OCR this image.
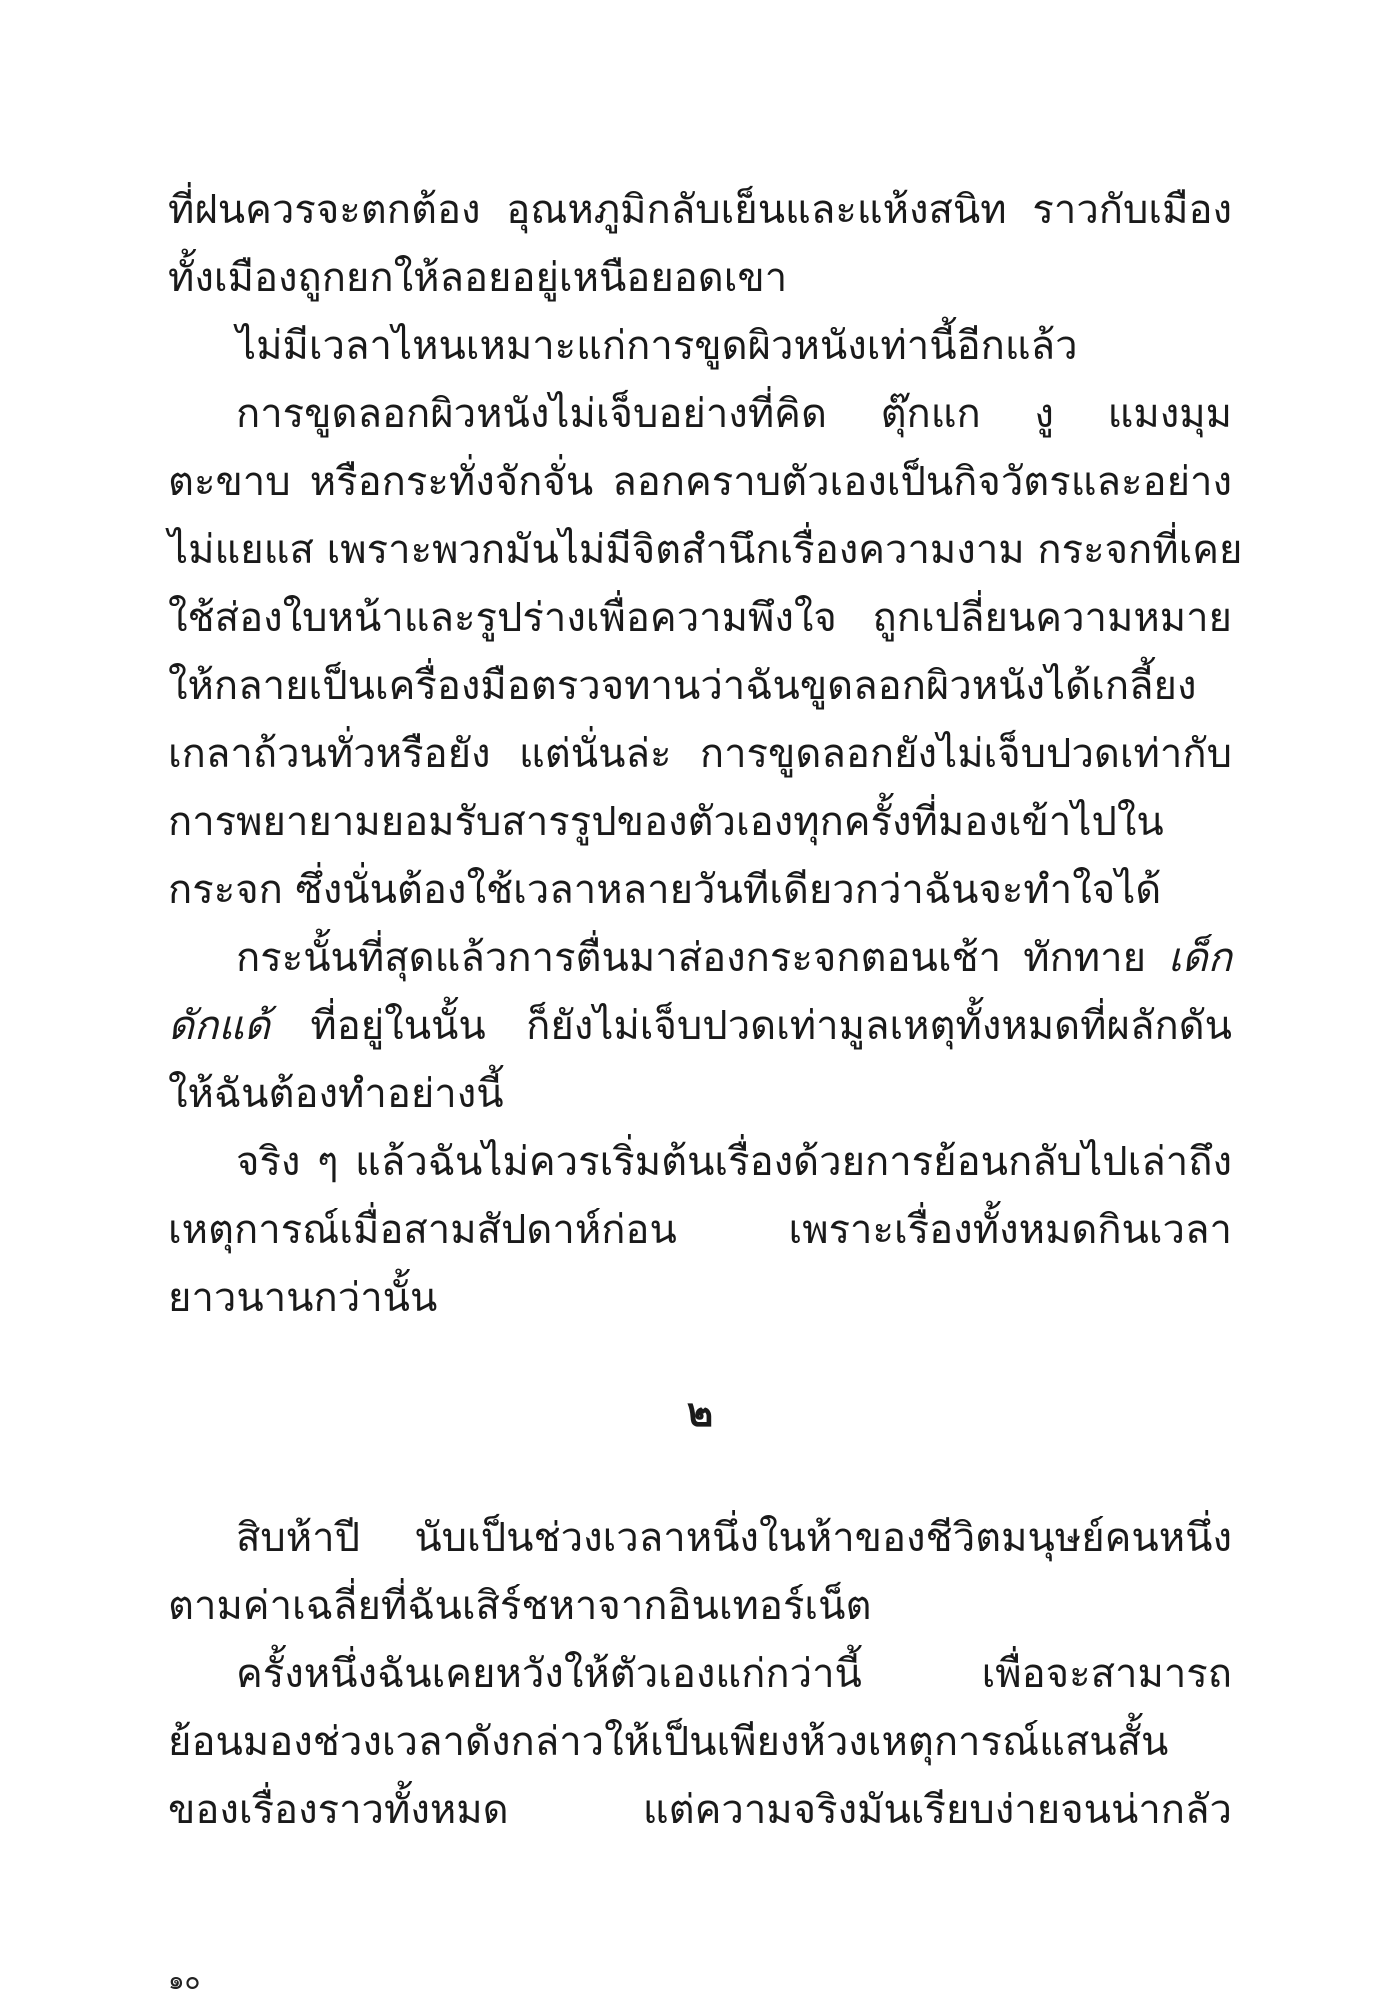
ที่ฝนควรจะตกต้อง อุณหภูมิกลับเย็นและแห้งสนิท ราวกับเมือง

ทั้งเมืองถูกยกให้ลอยอยู่เหนือยอดเขา

ไม่มีเวลาไหนเหมาะแก่การขูดผิวหนังเท่านี้อีกแล้ว

การขูดลอกผิวหนังไม่เจ็บอย่างที่คิด ตุ๊กแก งู แมงมุม

ตะขาบ หรือกระทั่งจักจั่น ลอกคราบตัวเองเป็นกิจวัตรและอย่าง

ไม่แยแส เพราะพวกมันไม่มีจิตสำนึกเรื่องความงาม กระจกที่เคย

ใช้ส่องใบหน้าและรูปร่างเพื่อความพึงใจ ถูกเปลี่ยนความหมาย

ให้กลายเป็นเครื่องมือตรวจทานว่าฉันขูดลอกผิวหนังได้เกลี้ยง

เกลาถ้วนทั่วหรือยัง แต่นั่นล่ะ การขูดลอกยังไม่เจ็บปวดเท่ากับ

การพยายามยอมรับสารรูปของตัวเองทุกครั้งที่มองเข้าไปใน

กระจก ซึ่งนั่นต้องใช้เวลาหลายวันทีเดียวกว่าฉันจะทำใจได้

กระนั้นที่สุดแล้วการตื่นมาส่องกระจกตอนเช้า ทักทาย เด็ก

ดักแด้ ที่อยู่ในนั้น ก็ยังไม่เจ็บปวดเท่ามูลเหตุทั้งหมดที่ผลักดัน

ให้ฉันต้องทำอย่างนี้

จริง ๆ แล้วฉันไม่ควรเริ่มต้นเรื่องด้วยการย้อนกลับไปเล่าถึง

เหตุการณ์เมื่อสามสัปดาห์ก่อน เพราะเรื่องทั้งหมดกินเวลา

ยาวนานกว่านั้น

๒

สิบห้าปี นับเป็นช่วงเวลาหนึ่งในห้าของชีวิตมนุษย์คนหนึ่ง

ตามค่าเฉลี่ยที่ฉันเสิร์ชหาจากอินเทอร์เน็ต

ครั้งหนึ่งฉันเคยหวังให้ตัวเองแก่กว่านี้ เพื่อจะสามารถ

ย้อนมองช่วงเวลาดังกล่าวให้เป็นเพียงห้วงเหตุการณ์แสนสั้น

ของเรื่องราวทั้งหมด แต่ความจริงมันเรียบง่ายจนน่ากลัว

๑๐
